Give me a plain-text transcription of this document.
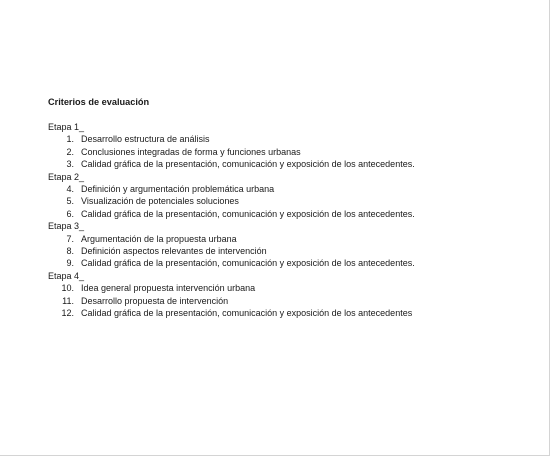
Criterios de evaluación
Etapa 1_
1. Desarrollo estructura de análisis
2. Conclusiones integradas de forma y funciones urbanas
3. Calidad gráfica de la presentación, comunicación y exposición de los antecedentes.
Etapa 2_
4. Definición y argumentación problemática urbana
5. Visualización de potenciales soluciones
6. Calidad gráfica de la presentación, comunicación y exposición de los antecedentes.
Etapa 3_
7. Argumentación de la propuesta urbana
8. Definición aspectos relevantes de intervención
9. Calidad gráfica de la presentación, comunicación y exposición de los antecedentes.
Etapa 4_
10. Idea general propuesta intervención urbana
11. Desarrollo propuesta de intervención
12. Calidad gráfica de la presentación, comunicación y exposición de los antecedentes
